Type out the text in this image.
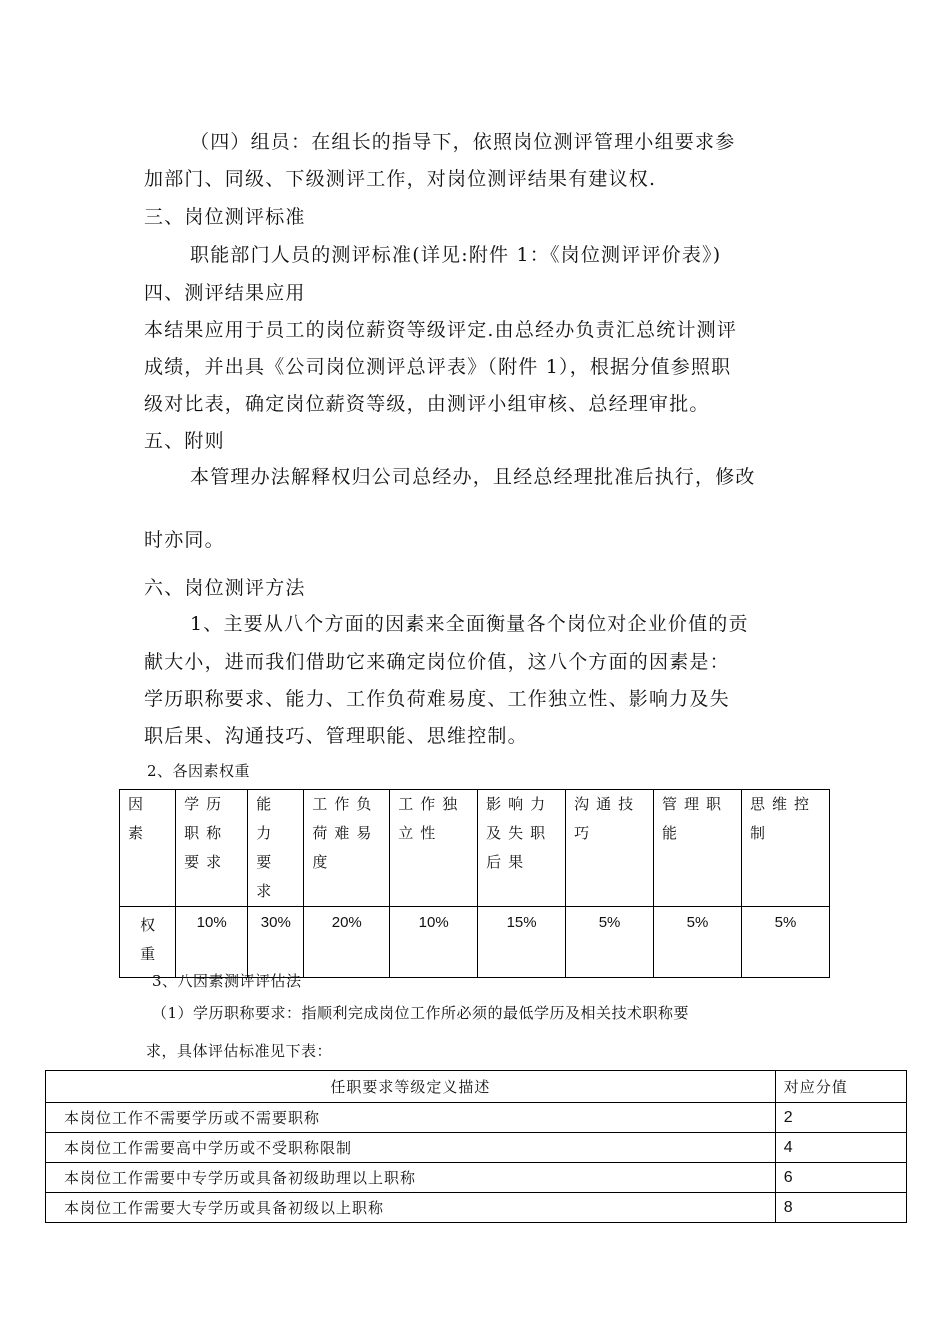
（四）组员：在组长的指导下，依照岗位测评管理小组要求参
加部门、同级、下级测评工作，对岗位测评结果有建议权.
三、岗位测评标准
职能部门人员的测评标准(详见:附件 1：《岗位测评评价表》)
四、测评结果应用
本结果应用于员工的岗位薪资等级评定.由总经办负责汇总统计测评
成绩，并出具《公司岗位测评总评表》（附件 1），根据分值参照职
级对比表，确定岗位薪资等级，由测评小组审核、总经理审批。
五、附则
本管理办法解释权归公司总经办，且经总经理批准后执行，修改
时亦同。
六、岗位测评方法
1、主要从八个方面的因素来全面衡量各个岗位对企业价值的贡
献大小，进而我们借助它来确定岗位价值，这八个方面的因素是：
学历职称要求、能力、工作负荷难易度、工作独立性、影响力及失
职后果、沟通技巧、管理职能、思维控制。
2、各因素权重
因素	学历职称要求	能力要求	工作负荷难易度	工作独立性	影响力及失职后果	沟通技巧	管理职能	思维控制
权重	10%	30%	20%	10%	15%	5%	5%	5%
3、八因素测评评估法
（1）学历职称要求：指顺利完成岗位工作所必须的最低学历及相关技术职称要
求，具体评估标准见下表：
任职要求等级定义描述	对应分值
本岗位工作不需要学历或不需要职称	2
本岗位工作需要高中学历或不受职称限制	4
本岗位工作需要中专学历或具备初级助理以上职称	6
本岗位工作需要大专学历或具备初级以上职称	8
